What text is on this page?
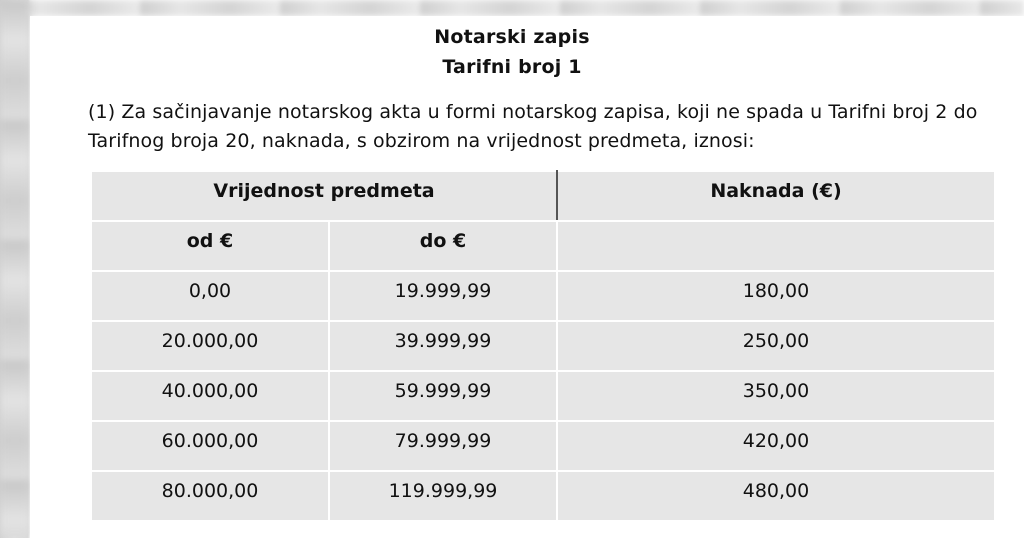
Notarski zapis
Tarifni broj 1
(1) Za sačinjavanje notarskog akta u formi notarskog zapisa, koji ne spada u Tarifni broj 2 do Tarifnog broja 20, naknada, s obzirom na vrijednost predmeta, iznosi:
Vrijednost predmeta		Naknada (€)
od €	do €	
0,00	19.999,99	180,00
20.000,00	39.999,99	250,00
40.000,00	59.999,99	350,00
60.000,00	79.999,99	420,00
80.000,00	119.999,99	480,00
